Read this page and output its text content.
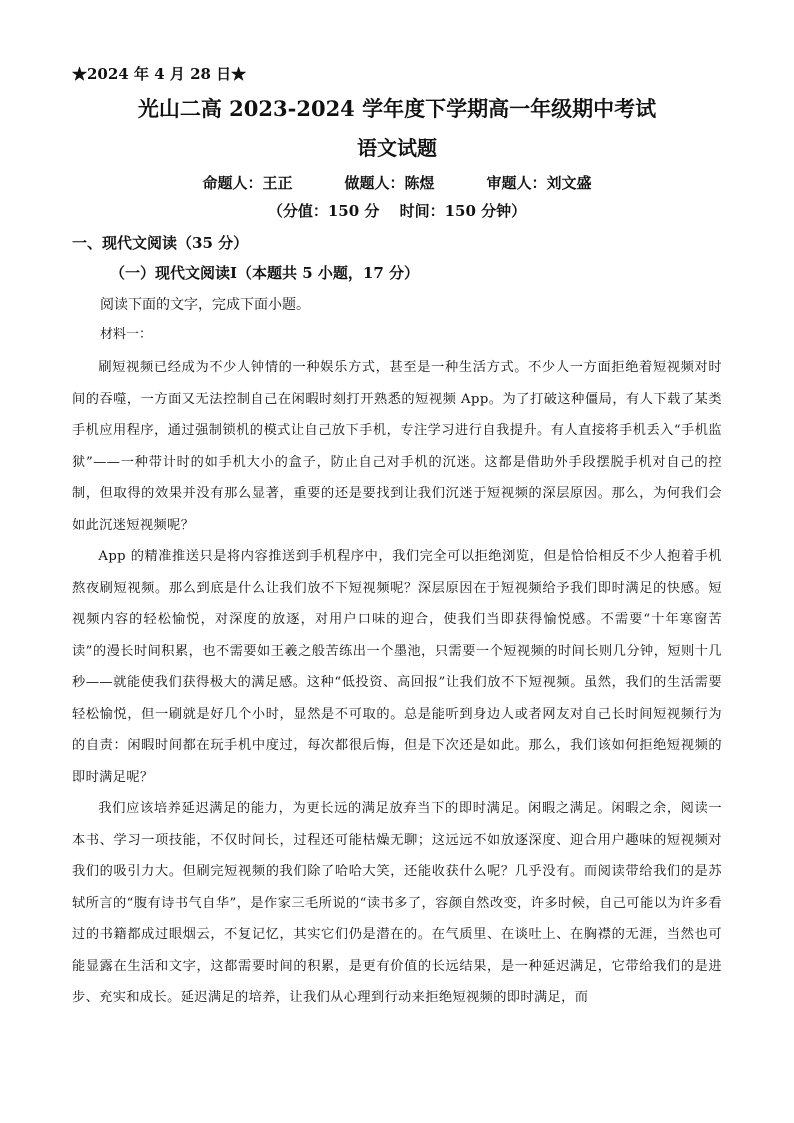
★2024 年 4 月 28 日★

光山二高 2023-2024 学年度下学期高一年级期中考试

语文试题

命题人：王正	做题人：陈煜	审题人：刘文盛

（分值：150 分　 时间：150 分钟）

一、现代文阅读（35 分）

（一）现代文阅读Ⅰ（本题共 5 小题，17 分）

阅读下面的文字，完成下面小题。

材料一：

刷短视频已经成为不少人钟情的一种娱乐方式，甚至是一种生活方式。不少人一方面拒绝着短视频对时间的吞噬，一方面又无法控制自己在闲暇时刻打开熟悉的短视频 App。为了打破这种僵局，有人下载了某类手机应用程序，通过强制锁机的模式让自己放下手机，专注学习进行自我提升。有人直接将手机丢入“手机监狱”——一种带计时的如手机大小的盒子，防止自己对手机的沉迷。这都是借助外手段摆脱手机对自己的控制，但取得的效果并没有那么显著，重要的还是要找到让我们沉迷于短视频的深层原因。那么，为何我们会如此沉迷短视频呢？

App 的精准推送只是将内容推送到手机程序中，我们完全可以拒绝浏览，但是恰恰相反不少人抱着手机熬夜刷短视频。那么到底是什么让我们放不下短视频呢？深层原因在于短视频给予我们即时满足的快感。短视频内容的轻松愉悦，对深度的放逐，对用户口味的迎合，使我们当即获得愉悦感。不需要“十年寒窗苦读”的漫长时间积累，也不需要如王羲之般苦练出一个墨池，只需要一个短视频的时间长则几分钟，短则十几秒——就能使我们获得极大的满足感。这种“低投资、高回报”让我们放不下短视频。虽然，我们的生活需要轻松愉悦，但一刷就是好几个小时，显然是不可取的。总是能听到身边人或者网友对自己长时间短视频行为的自责：闲暇时间都在玩手机中度过，每次都很后悔，但是下次还是如此。那么，我们该如何拒绝短视频的即时满足呢？

我们应该培养延迟满足的能力，为更长远的满足放弃当下的即时满足。闲暇之满足。闲暇之余，阅读一本书、学习一项技能，不仅时间长，过程还可能枯燥无聊；这远远不如放逐深度、迎合用户趣味的短视频对我们的吸引力大。但刷完短视频的我们除了哈哈大笑，还能收获什么呢？几乎没有。而阅读带给我们的是苏轼所言的“腹有诗书气自华”，是作家三毛所说的“读书多了，容颜自然改变，许多时候，自己可能以为许多看过的书籍都成过眼烟云，不复记忆，其实它们仍是潜在的。在气质里、在谈吐上、在胸襟的无涯，当然也可能显露在生活和文字，这都需要时间的积累，是更有价值的长远结果，是一种延迟满足，它带给我们的是进步、充实和成长。延迟满足的培养，让我们从心理到行动来拒绝短视频的即时满足，而
